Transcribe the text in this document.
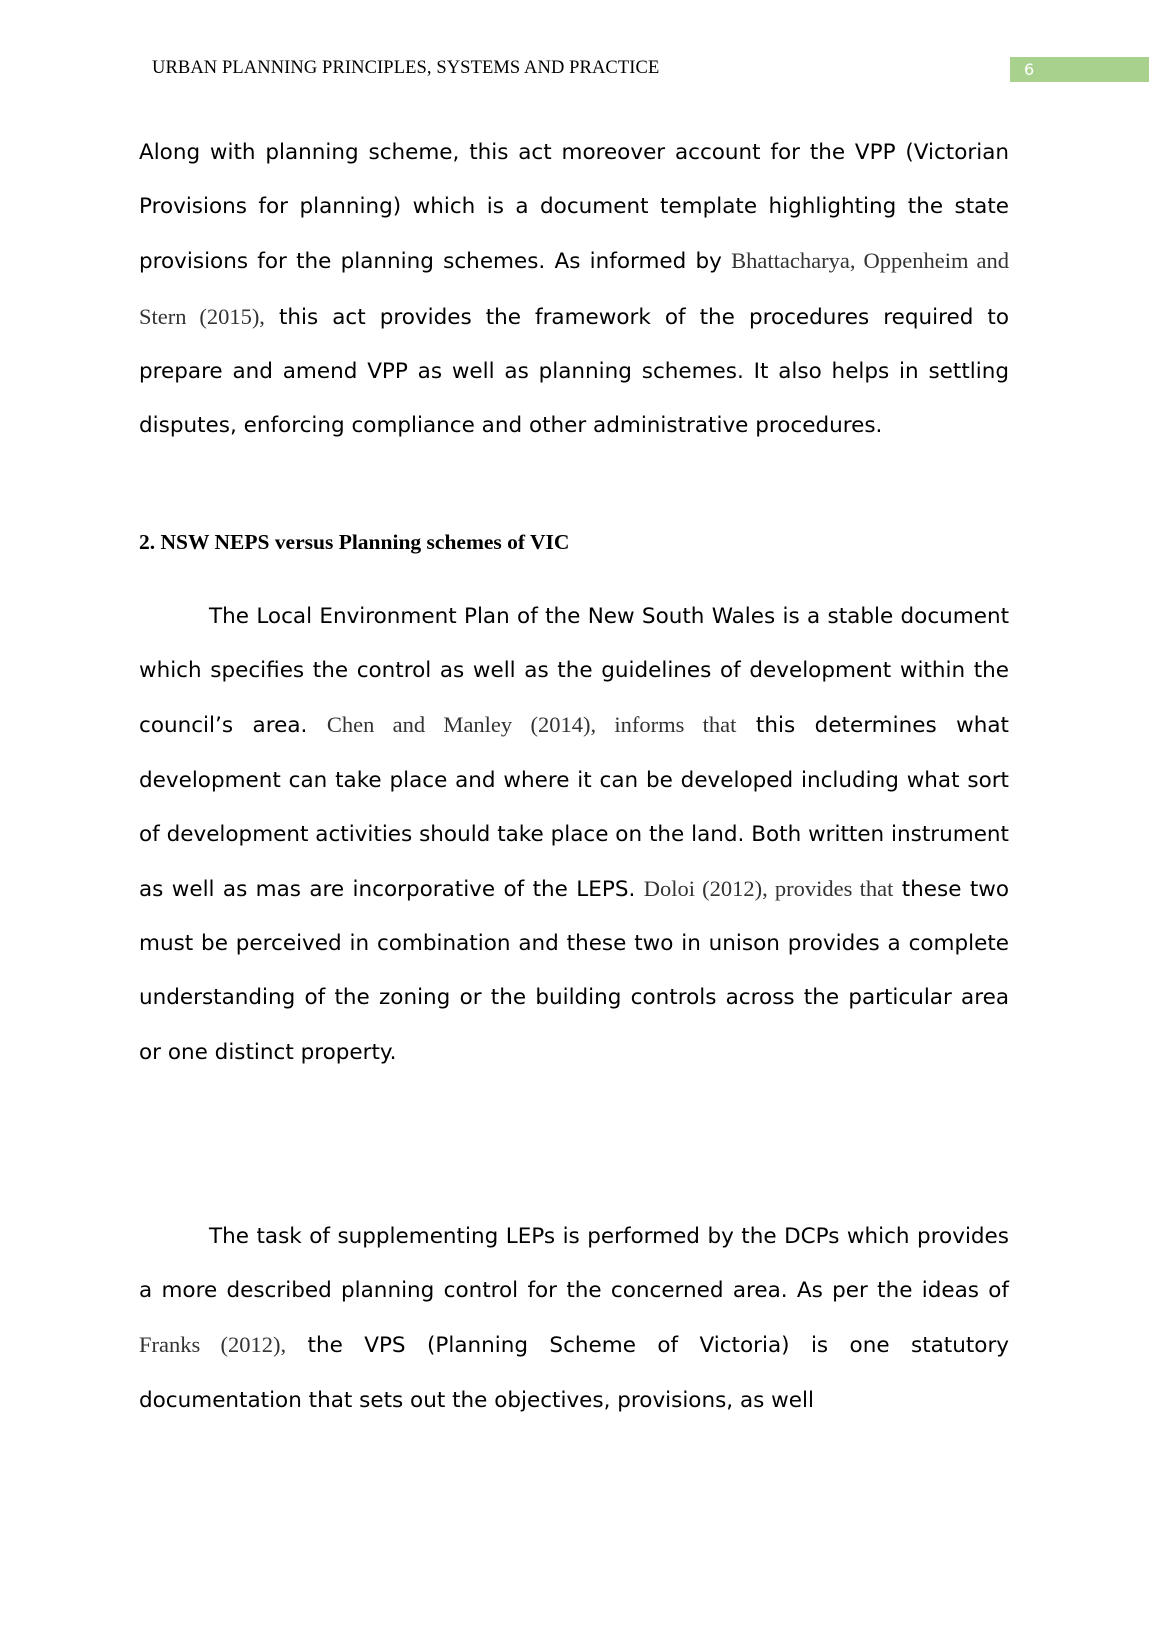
URBAN PLANNING PRINCIPLES, SYSTEMS AND PRACTICE	6

Along with planning scheme, this act moreover account for the VPP (Victorian Provisions for planning) which is a document template highlighting the state provisions for the planning schemes. As informed by Bhattacharya, Oppenheim and Stern (2015), this act provides the framework of the procedures required to prepare and amend VPP as well as planning schemes. It also helps in settling disputes, enforcing compliance and other administrative procedures.

2. NSW NEPS versus Planning schemes of VIC

The Local Environment Plan of the New South Wales is a stable document which specifies the control as well as the guidelines of development within the council’s area. Chen and Manley (2014), informs that this determines what development can take place and where it can be developed including what sort of development activities should take place on the land. Both written instrument as well as mas are incorporative of the LEPS. Doloi (2012), provides that these two must be perceived in combination and these two in unison provides a complete understanding of the zoning or the building controls across the particular area or one distinct property.

The task of supplementing LEPs is performed by the DCPs which provides a more described planning control for the concerned area. As per the ideas of Franks (2012), the VPS (Planning Scheme of Victoria) is one statutory documentation that sets out the objectives, provisions, as well
